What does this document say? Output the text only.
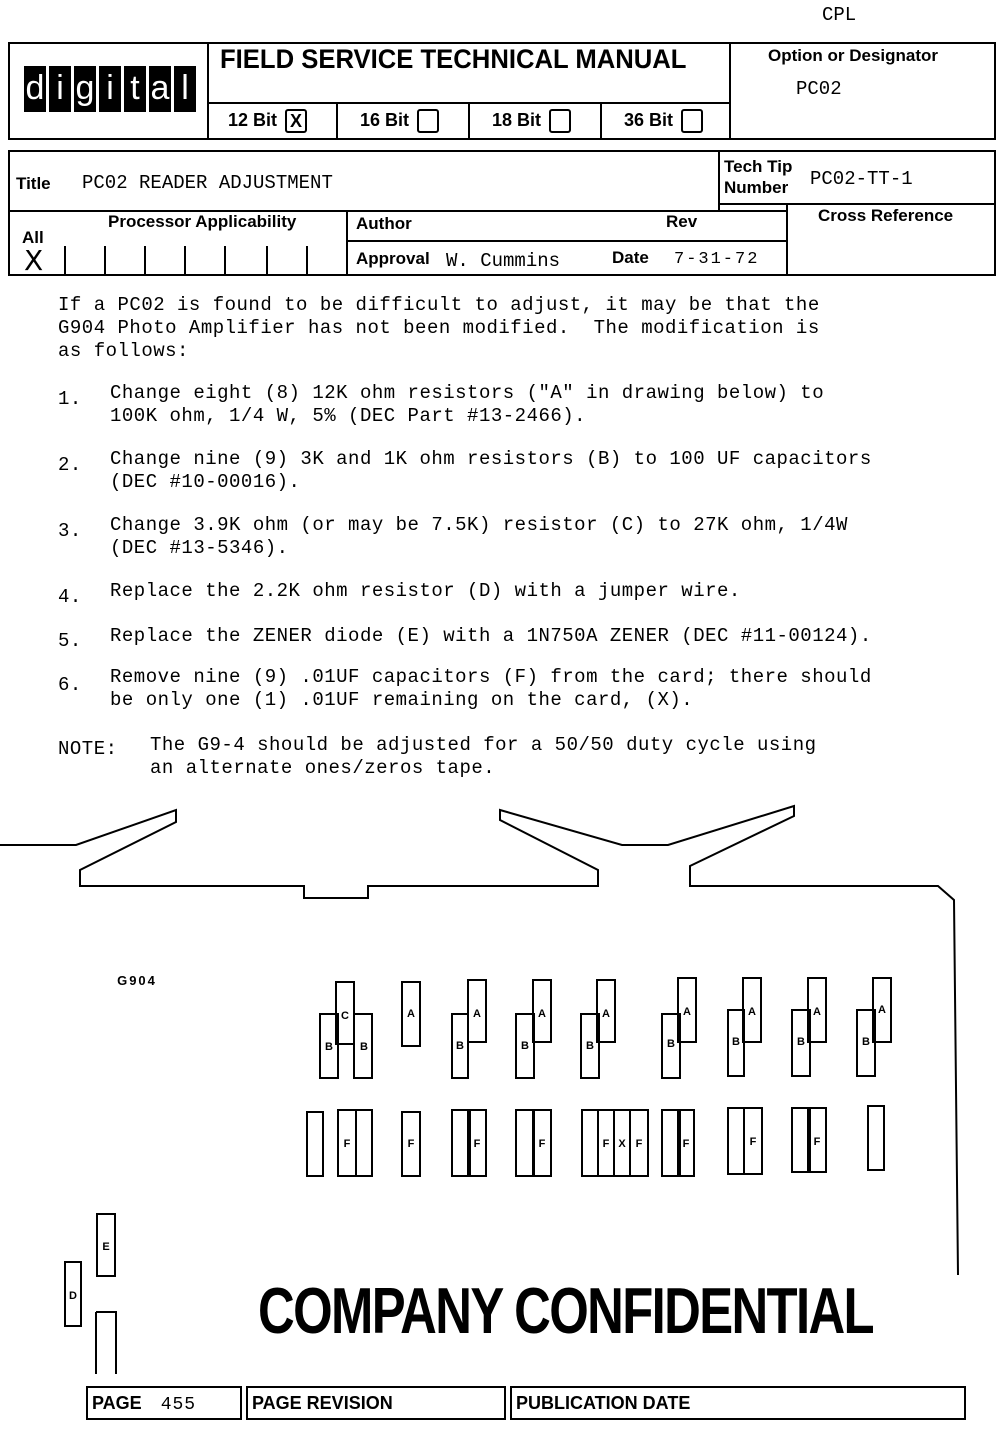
CPL
d i g i t a l
FIELD SERVICE TECHNICAL MANUAL
12 Bit X	16 Bit	18 Bit	36 Bit
Option or Designator
PC02
Title PC02 READER ADJUSTMENT
Tech Tip
Number PC02-TT-1
All
X
Processor Applicability	Author	Rev
Approval W. Cummins	Date 7-31-72
Cross Reference
If a PC02 is found to be difficult to adjust, it may be that the
G904 Photo Amplifier has not been modified.  The modification is
as follows:
1. Change eight (8) 12K ohm resistors ("A" in drawing below) to
100K ohm, 1/4 W, 5% (DEC Part #13-2466).
2. Change nine (9) 3K and 1K ohm resistors (B) to 100 UF capacitors
(DEC #10-00016).
3. Change 3.9K ohm (or may be 7.5K) resistor (C) to 27K ohm, 1/4W
(DEC #13-5346).
4. Replace the 2.2K ohm resistor (D) with a jumper wire.
5. Replace the ZENER diode (E) with a 1N750A ZENER (DEC #11-00124).
6. Remove nine (9) .01UF capacitors (F) from the card; there should
be only one (1) .01UF remaining on the card, (X).
NOTE: The G9-4 should be adjusted for a 50/50 duty cycle using
an alternate ones/zeros tape.
G904
C
B B
A	A
B
A
B
A
B
A
B
A
B
A
B
A
B
F	F	F	F	F X F	F	F	F
E
D	COMPANY CONFIDENTIAL
PAGE 455	PAGE REVISION	PUBLICATION DATE
